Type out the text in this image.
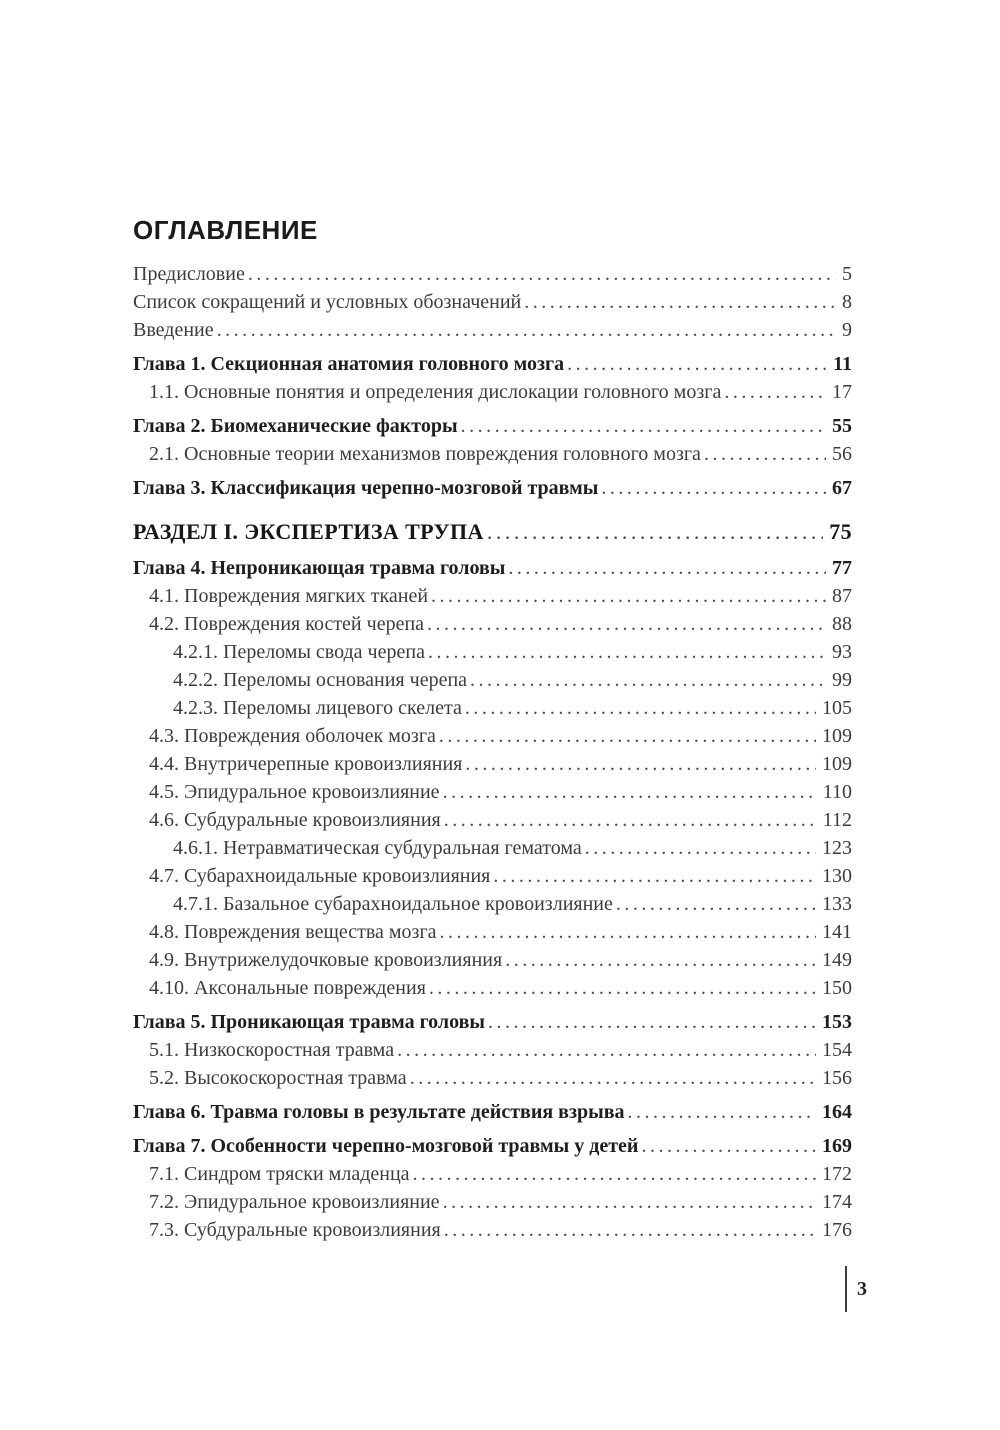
ОГЛАВЛЕНИЕ
Предисловие .....	5
Список сокращений и условных обозначений .....	8
Введение .....	9
Глава 1. Секционная анатомия головного мозга .....	11
1.1. Основные понятия и определения дислокации головного мозга .....	17
Глава 2. Биомеханические факторы .....	55
2.1. Основные теории механизмов повреждения головного мозга .....	56
Глава 3. Классификация черепно-мозговой травмы .....	67
РАЗДЕЛ I. ЭКСПЕРТИЗА ТРУПА .....	75
Глава 4. Непроникающая травма головы .....	77
4.1. Повреждения мягких тканей .....	87
4.2. Повреждения костей черепа .....	88
4.2.1. Переломы свода черепа .....	93
4.2.2. Переломы основания черепа .....	99
4.2.3. Переломы лицевого скелета .....	105
4.3. Повреждения оболочек мозга .....	109
4.4. Внутричерепные кровоизлияния .....	109
4.5. Эпидуральное кровоизлияние .....	110
4.6. Субдуральные кровоизлияния .....	112
4.6.1. Нетравматическая субдуральная гематома .....	123
4.7. Субарахноидальные кровоизлияния .....	130
4.7.1. Базальное субарахноидальное кровоизлияние .....	133
4.8. Повреждения вещества мозга .....	141
4.9. Внутрижелудочковые кровоизлияния .....	149
4.10. Аксональные повреждения .....	150
Глава 5. Проникающая травма головы .....	153
5.1. Низкоскоростная травма .....	154
5.2. Высокоскоростная травма .....	156
Глава 6. Травма головы в результате действия взрыва .....	164
Глава 7. Особенности черепно-мозговой травмы у детей .....	169
7.1. Синдром тряски младенца .....	172
7.2. Эпидуральное кровоизлияние .....	174
7.3. Субдуральные кровоизлияния .....	176
3
